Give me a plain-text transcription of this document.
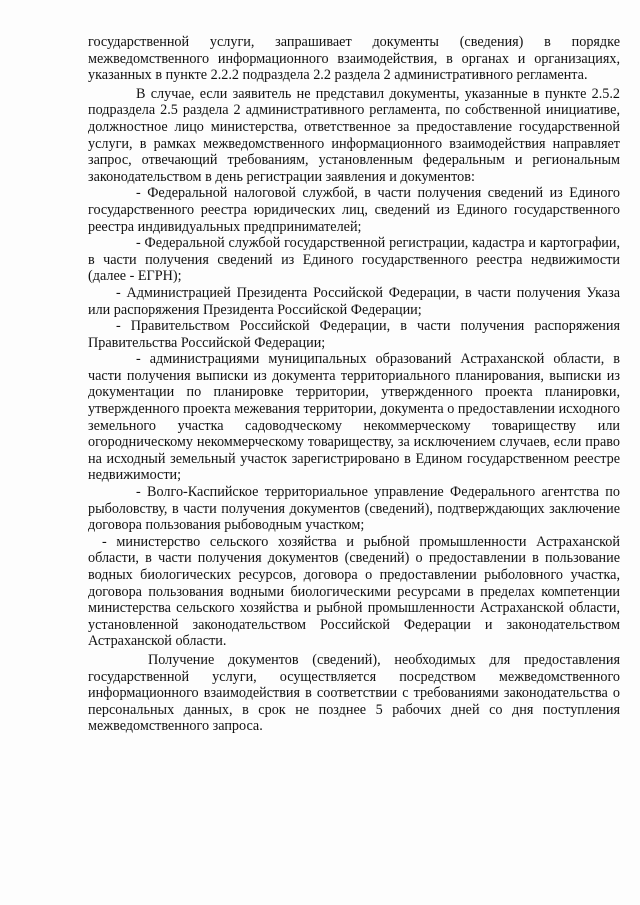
государственной услуги, запрашивает документы (сведения) в порядке межведомственного информационного взаимодействия, в органах и организациях, указанных в пункте 2.2.2 подраздела 2.2 раздела 2 административного регламента.

В случае, если заявитель не представил документы, указанные в пункте 2.5.2 подраздела 2.5 раздела 2 административного регламента, по собственной инициативе, должностное лицо министерства, ответственное за предоставление государственной услуги, в рамках межведомственного информационного взаимодействия направляет запрос, отвечающий требованиям, установленным федеральным и региональным законодательством в день регистрации заявления и документов:

- Федеральной налоговой службой, в части получения сведений из Единого государственного реестра юридических лиц, сведений из Единого государственного реестра индивидуальных предпринимателей;

- Федеральной службой государственной регистрации, кадастра и картографии, в части получения сведений из Единого государственного реестра недвижимости (далее - ЕГРН);

- Администрацией Президента Российской Федерации, в части получения Указа или распоряжения Президента Российской Федерации;

- Правительством Российской Федерации, в части получения распоряжения Правительства Российской Федерации;

- администрациями муниципальных образований Астраханской области, в части получения выписки из документа территориального планирования, выписки из документации по планировке территории, утвержденного проекта планировки, утвержденного проекта межевания территории, документа о предоставлении исходного земельного участка садоводческому некоммерческому товариществу или огородническому некоммерческому товариществу, за исключением случаев, если право на исходный земельный участок зарегистрировано в Едином государственном реестре недвижимости;

- Волго-Каспийское территориальное управление Федерального агентства по рыболовству, в части получения документов (сведений), подтверждающих заключение договора пользования рыбоводным участком;

- министерство сельского хозяйства и рыбной промышленности Астраханской области, в части получения документов (сведений) о предоставлении в пользование водных биологических ресурсов, договора о предоставлении рыболовного участка, договора пользования водными биологическими ресурсами в пределах компетенции министерства сельского хозяйства и рыбной промышленности Астраханской области, установленной законодательством Российской Федерации и законодательством Астраханской области.

Получение документов (сведений), необходимых для предоставления государственной услуги, осуществляется посредством межведомственного информационного взаимодействия в соответствии с требованиями законодательства о персональных данных, в срок не позднее 5 рабочих дней со дня поступления межведомственного запроса.
